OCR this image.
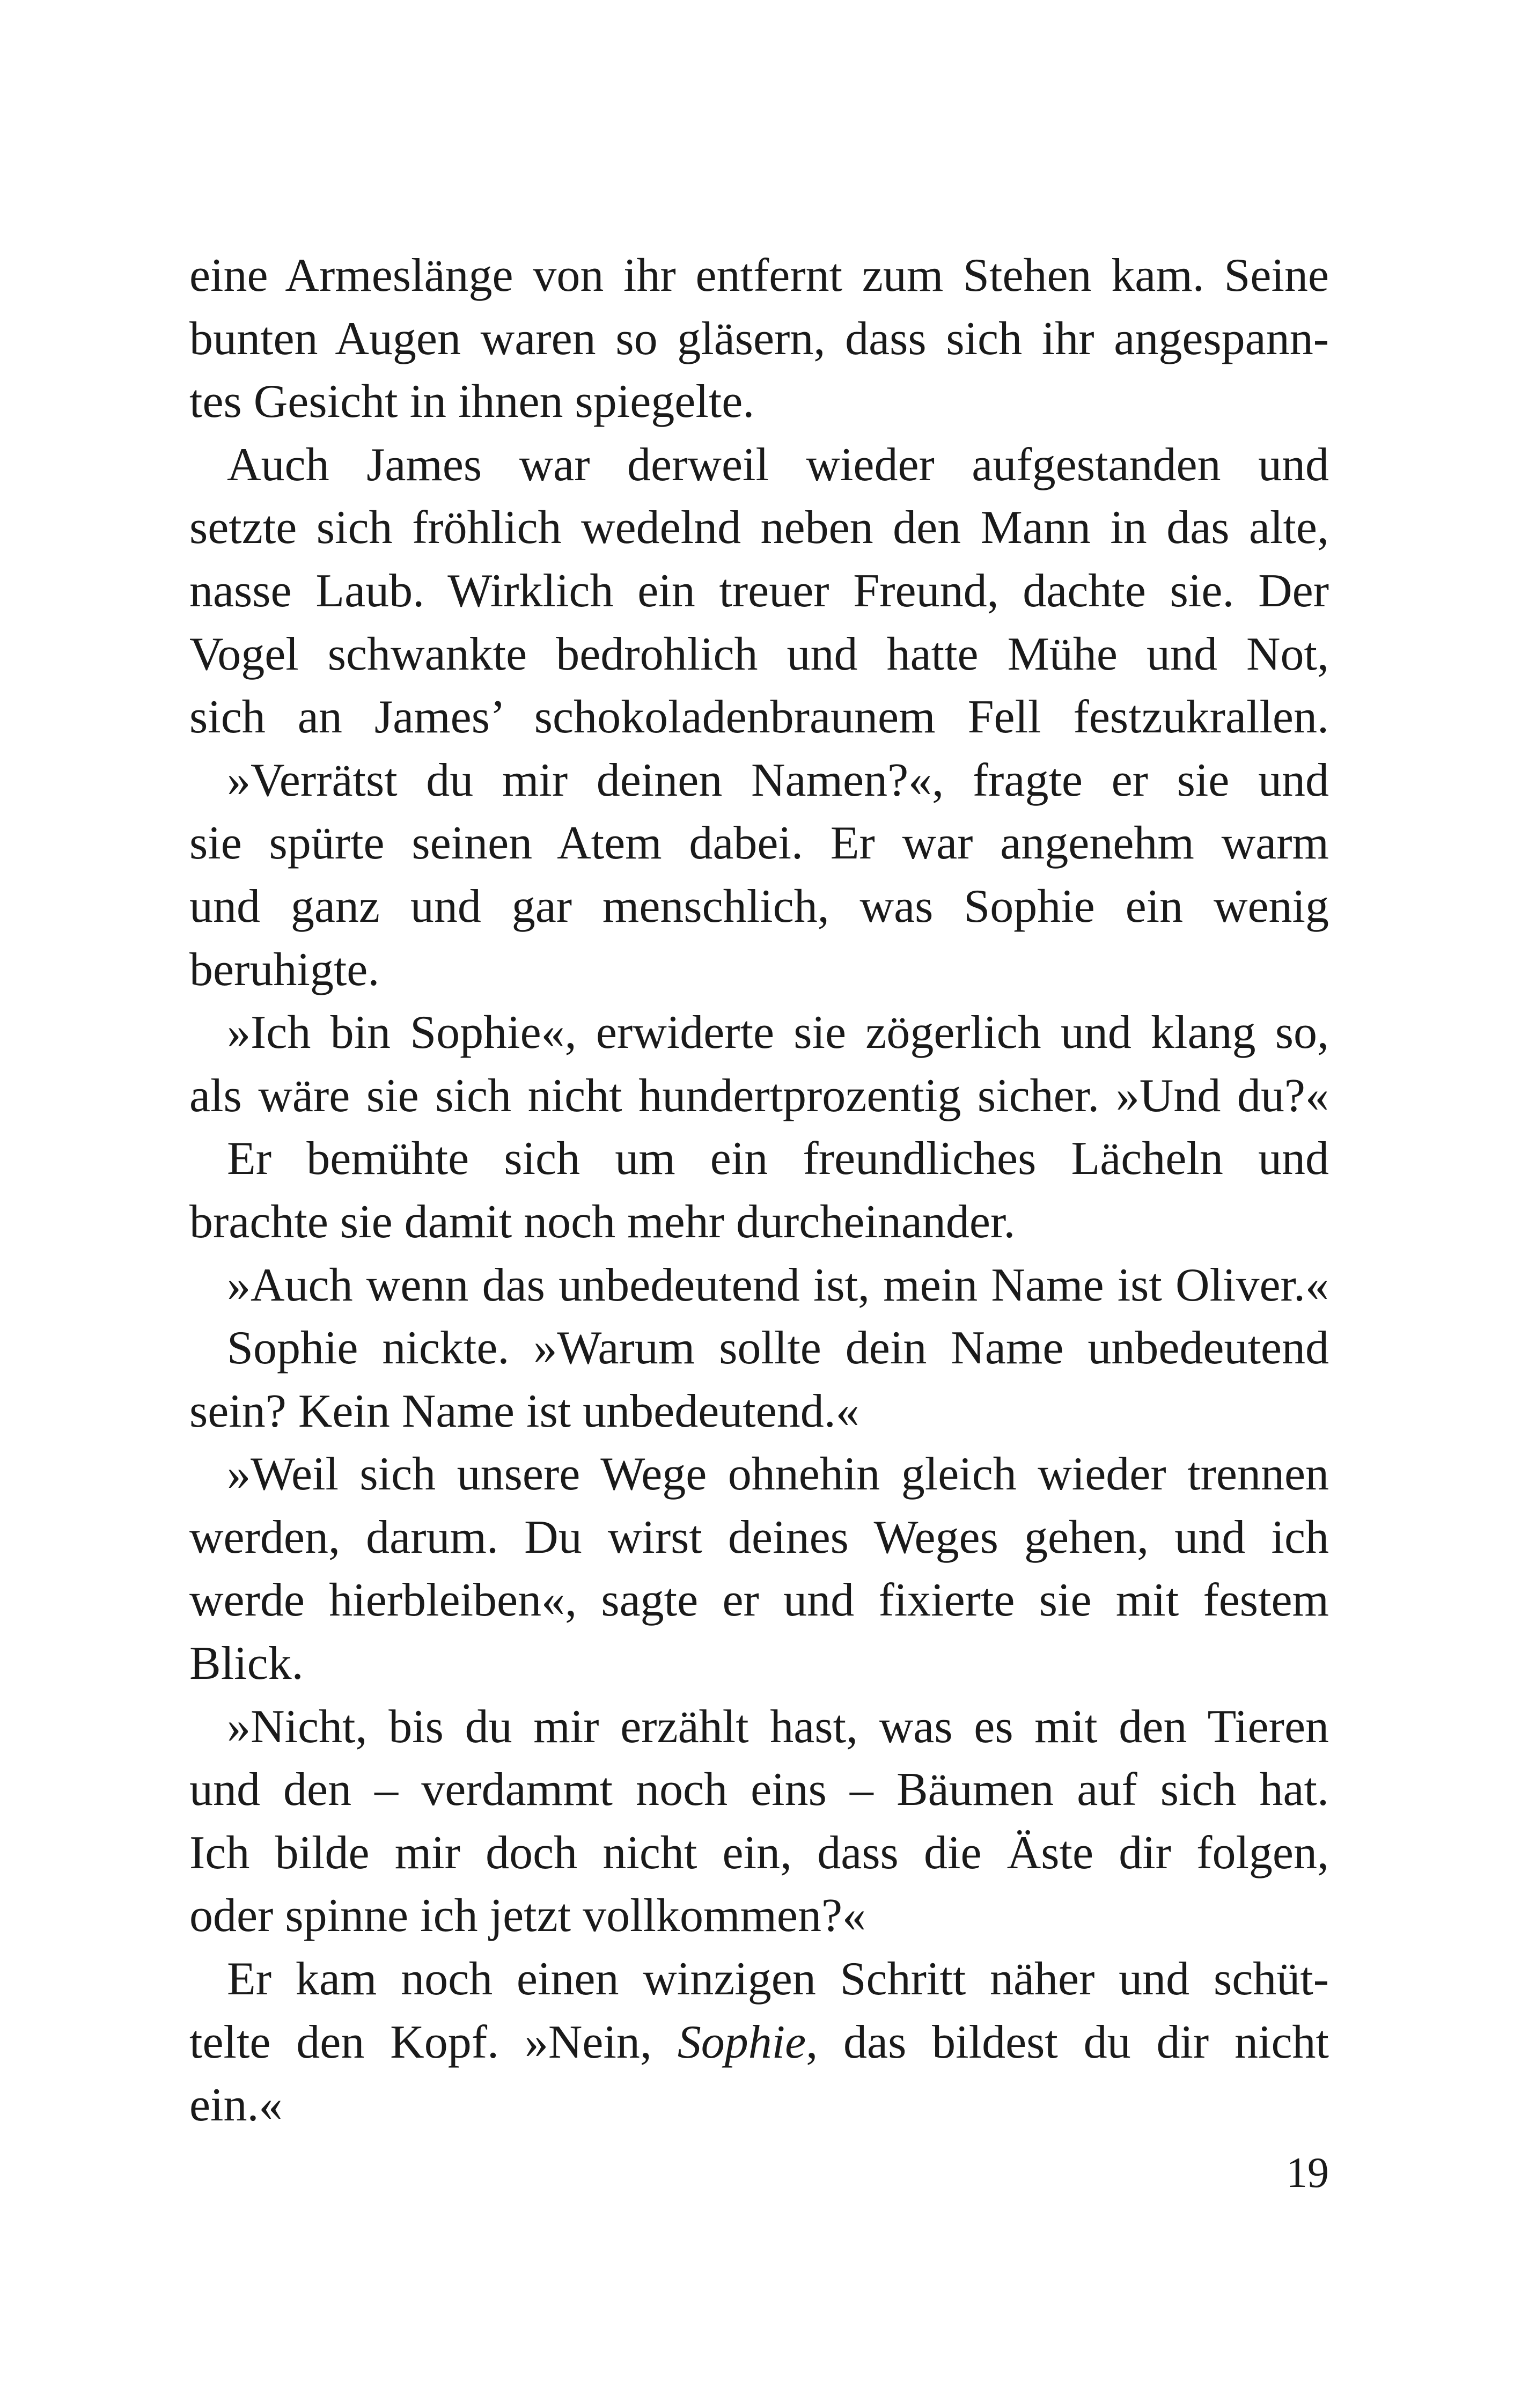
eine Armeslänge von ihr entfernt zum Stehen kam. Seine
bunten Augen waren so gläsern, dass sich ihr angespann-
tes Gesicht in ihnen spiegelte.
Auch James war derweil wieder aufgestanden und
setzte sich fröhlich wedelnd neben den Mann in das alte,
nasse Laub. Wirklich ein treuer Freund, dachte sie. Der
Vogel schwankte bedrohlich und hatte Mühe und Not,
sich an James’ schokoladenbraunem Fell festzukrallen.
»Verrätst du mir deinen Namen?«, fragte er sie und
sie spürte seinen Atem dabei. Er war angenehm warm
und ganz und gar menschlich, was Sophie ein wenig
beruhigte.
»Ich bin Sophie«, erwiderte sie zögerlich und klang so,
als wäre sie sich nicht hundertprozentig sicher. »Und du?«
Er bemühte sich um ein freundliches Lächeln und
brachte sie damit noch mehr durcheinander.
»Auch wenn das unbedeutend ist, mein Name ist Oliver.«
Sophie nickte. »Warum sollte dein Name unbedeutend
sein? Kein Name ist unbedeutend.«
»Weil sich unsere Wege ohnehin gleich wieder trennen
werden, darum. Du wirst deines Weges gehen, und ich
werde hierbleiben«, sagte er und fixierte sie mit festem
Blick.
»Nicht, bis du mir erzählt hast, was es mit den Tieren
und den – verdammt noch eins – Bäumen auf sich hat.
Ich bilde mir doch nicht ein, dass die Äste dir folgen,
oder spinne ich jetzt vollkommen?«
Er kam noch einen winzigen Schritt näher und schüt-
telte den Kopf. »Nein, Sophie, das bildest du dir nicht
ein.«
19
